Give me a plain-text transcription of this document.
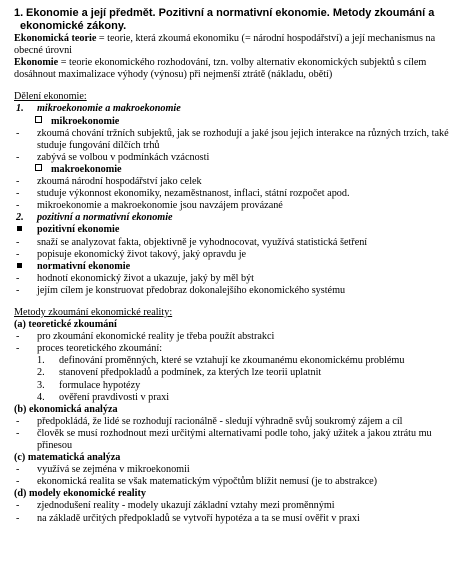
1. Ekonomie a její předmět. Pozitivní a normativní ekonomie. Metody zkoumání a ekonomické zákony.

Ekonomická teorie = teorie, která zkoumá ekonomiku (= národní hospodářství) a její mechanismus na obecné úrovni

Ekonomie = teorie ekonomického rozhodování, tzn. volby alternativ ekonomických subjektů s cílem dosáhnout maximalizace výhody (výnosu) při nejmenší ztrátě (nákladu, obětí)

Dělení ekonomie:

1.	mikroekonomie a makroekonomie
mikroekonomie
-
zkoumá chování tržních subjektů, jak se rozhodují a jaké jsou jejich interakce na různých trzích, také studuje fungování dílčích trhů
-
zabývá se volbou v podmínkách vzácnosti
makroekonomie
-
zkoumá národní hospodářství jako celek
-
studuje výkonnost ekonomiky, nezaměstnanost, inflaci, státní rozpočet apod.
-
mikroekonomie a makroekonomie jsou navzájem provázané
2.	pozitivní a normativní ekonomie
pozitivní ekonomie
-
snaží se analyzovat fakta, objektivně je vyhodnocovat, využívá statistická šetření
-
popisuje ekonomický život takový, jaký opravdu je
normativní ekonomie
-
hodnotí ekonomický život a ukazuje, jaký by měl být
-
jejím cílem je konstruovat předobraz dokonalejšího ekonomického systému

Metody zkoumání ekonomické reality:

(a) teoretické zkoumání

-
pro zkoumání ekonomické reality je třeba použít abstrakci
-
proces teoretického zkoumání:
1.	definování proměnných, které se vztahují ke zkoumanému ekonomickému problému
2.	stanovení předpokladů a podmínek, za kterých lze teorii uplatnit
3.	formulace hypotézy
4.	ověření pravdivosti v praxi

(b) ekonomická analýza

-
předpokládá, že lidé se rozhodují racionálně - sledují výhradně svůj soukromý zájem a cíl
-
člověk se musí rozhodnout mezi určitými alternativami podle toho, jaký užitek a jakou ztrátu mu přinesou

(c) matematická analýza

-
využívá se zejména v mikroekonomii
-
ekonomická realita se však matematickým výpočtům blížit nemusí (je to abstrakce)

(d) modely ekonomické reality

-
zjednodušení reality - modely ukazují základní vztahy mezi proměnnými
-
na základě určitých předpokladů se vytvoří hypotéza a ta se musí ověřit v praxi
